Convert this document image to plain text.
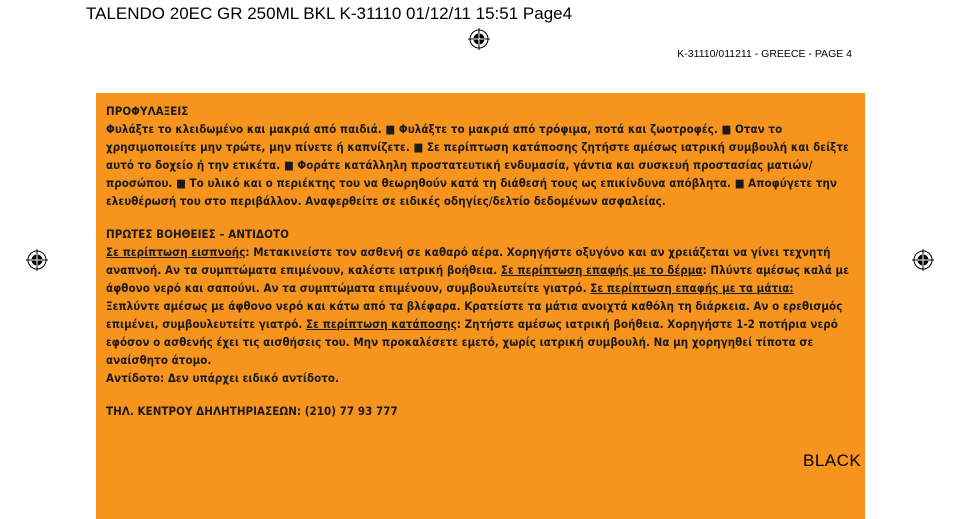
TALENDO 20EC GR 250ML BKL K-31110 01/12/11 15:51 Page4
K-31110/011211 - GREECE - PAGE 4
ΠΡΟΦΥΛΑΞΕΙΣ
Φυλάξτε το κλειδωμένο και μακριά από παιδιά. ■ Φυλάξτε το μακριά από τρόφιμα, ποτά και ζωοτροφές. ■ Οταν το χρησιμοποιείτε μην τρώτε, μην πίνετε ή καπνίζετε. ■ Σε περίπτωση κατάποσης ζητήστε αμέσως ιατρική συμβουλή και δείξτε αυτό το δοχείο ή την ετικέτα. ■ Φοράτε κατάλληλη προστατευτική ενδυμασία, γάντια και συσκευή προστασίας ματιών/προσώπου. ■ Το υλικό και ο περιέκτης του να θεωρηθούν κατά τη διάθεσή τους ως επικίνδυνα απόβλητα. ■ Αποφύγετε την ελευθέρωσή του στο περιβάλλον. Αναφερθείτε σε ειδικές οδηγίες/δελτίο δεδομένων ασφαλείας.
ΠΡΩΤΕΣ ΒΟΗΘΕΙΕΣ – ΑΝΤΙΔΟΤΟ
Σε περίπτωση εισπνοής: Μετακινείστε τον ασθενή σε καθαρό αέρα. Χορηγήστε οξυγόνο και αν χρειάζεται να γίνει τεχνητή αναπνοή. Αν τα συμπτώματα επιμένουν, καλέστε ιατρική βοήθεια. Σε περίπτωση επαφής με το δέρμα: Πλύντε αμέσως καλά με άφθονο νερό και σαπούνι. Αν τα συμπτώματα επιμένουν, συμβουλευτείτε γιατρό. Σε περίπτωση επαφής με τα μάτια: Ξεπλύντε αμέσως με άφθονο νερό και κάτω από τα βλέφαρα. Κρατείστε τα μάτια ανοιχτά καθόλη τη διάρκεια. Αν ο ερεθισμός επιμένει, συμβουλευτείτε γιατρό. Σε περίπτωση κατάποσης: Ζητήστε αμέσως ιατρική βοήθεια. Χορηγήστε 1-2 ποτήρια νερό εφόσον ο ασθενής έχει τις αισθήσεις του. Μην προκαλέσετε εμετό, χωρίς ιατρική συμβουλή. Να μη χορηγηθεί τίποτα σε αναίσθητο άτομο.
Αντίδοτο: Δεν υπάρχει ειδικό αντίδοτο.
ΤΗΛ. ΚΕΝΤΡΟΥ ΔΗΛΗΤΗΡΙΑΣΕΩΝ: (210) 77 93 777
BLACK
